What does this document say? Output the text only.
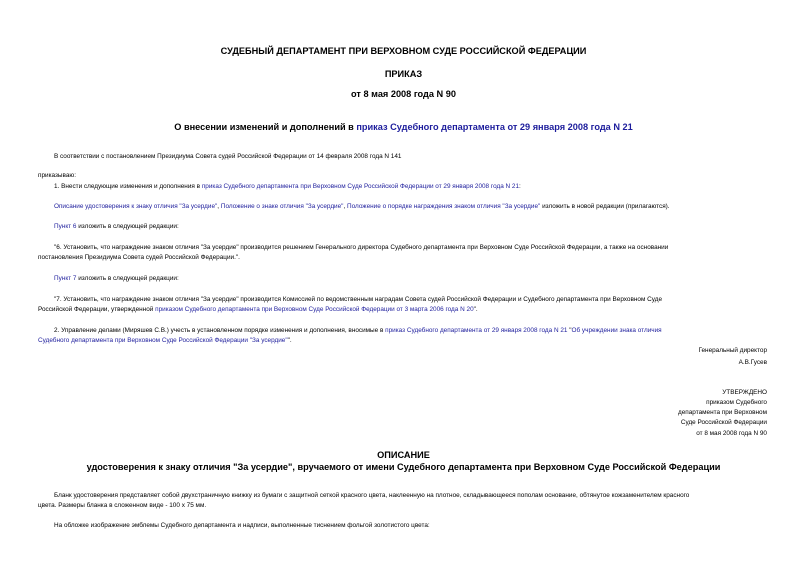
СУДЕБНЫЙ ДЕПАРТАМЕНТ ПРИ ВЕРХОВНОМ СУДЕ РОССИЙСКОЙ ФЕДЕРАЦИИ
ПРИКАЗ
от 8 мая 2008 года N 90
О внесении изменений и дополнений в приказ Судебного департамента от 29 января 2008 года N 21
В соответствии с постановлением Президиума Совета судей Российской Федерации от 14 февраля 2008 года N 141
приказываю:
1. Внести следующие изменения и дополнения в приказ Судебного департамента при Верховном Суде Российской Федерации от 29 января 2008 года N 21:
Описание удостоверения к знаку отличия "За усердие", Положение о знаке отличия "За усердие", Положение о порядке награждения знаком отличия "За усердие" изложить в новой редакции (прилагаются).
Пункт 6 изложить в следующей редакции:
"6. Установить, что награждение знаком отличия "За усердие" производится решением Генерального директора Судебного департамента при Верховном Суде Российской Федерации, а также на основании
постановления Президиума Совета судей Российской Федерации.".
Пункт 7 изложить в следующей редакции:
"7. Установить, что награждение знаком отличия "За усердие" производится Комиссией по ведомственным наградам Совета судей Российской Федерации и Судебного департамента при Верховном Суде
Российской Федерации, утвержденной приказом Судебного департамента при Верховном Суде Российской Федерации от 3 марта 2006 года N 20".
2. Управление делами (Миряшев С.В.) учесть в установленном порядке изменения и дополнения, вносимые в приказ Судебного департамента от 29 января 2008 года N 21 "Об учреждении знака отличия
Судебного департамента при Верховном Суде Российской Федерации "За усердие"".
Генеральный директор
А.В.Гусев
УТВЕРЖДЕНО
приказом Судебного
департамента при Верховном
Суде Российской Федерации
от 8 мая 2008 года N 90
ОПИСАНИЕ
удостоверения к знаку отличия "За усердие", вручаемого от имени Судебного департамента при Верховном Суде Российской Федерации
Бланк удостоверения представляет собой двухстраничную книжку из бумаги с защитной сеткой красного цвета, наклеенную на плотное, складывающееся пополам основание, обтянутое кожзаменителем красного
цвета. Размеры бланка в сложенном виде - 100 x 75 мм.
На обложке изображение эмблемы Судебного департамента и надписи, выполненные тиснением фольгой золотистого цвета:
